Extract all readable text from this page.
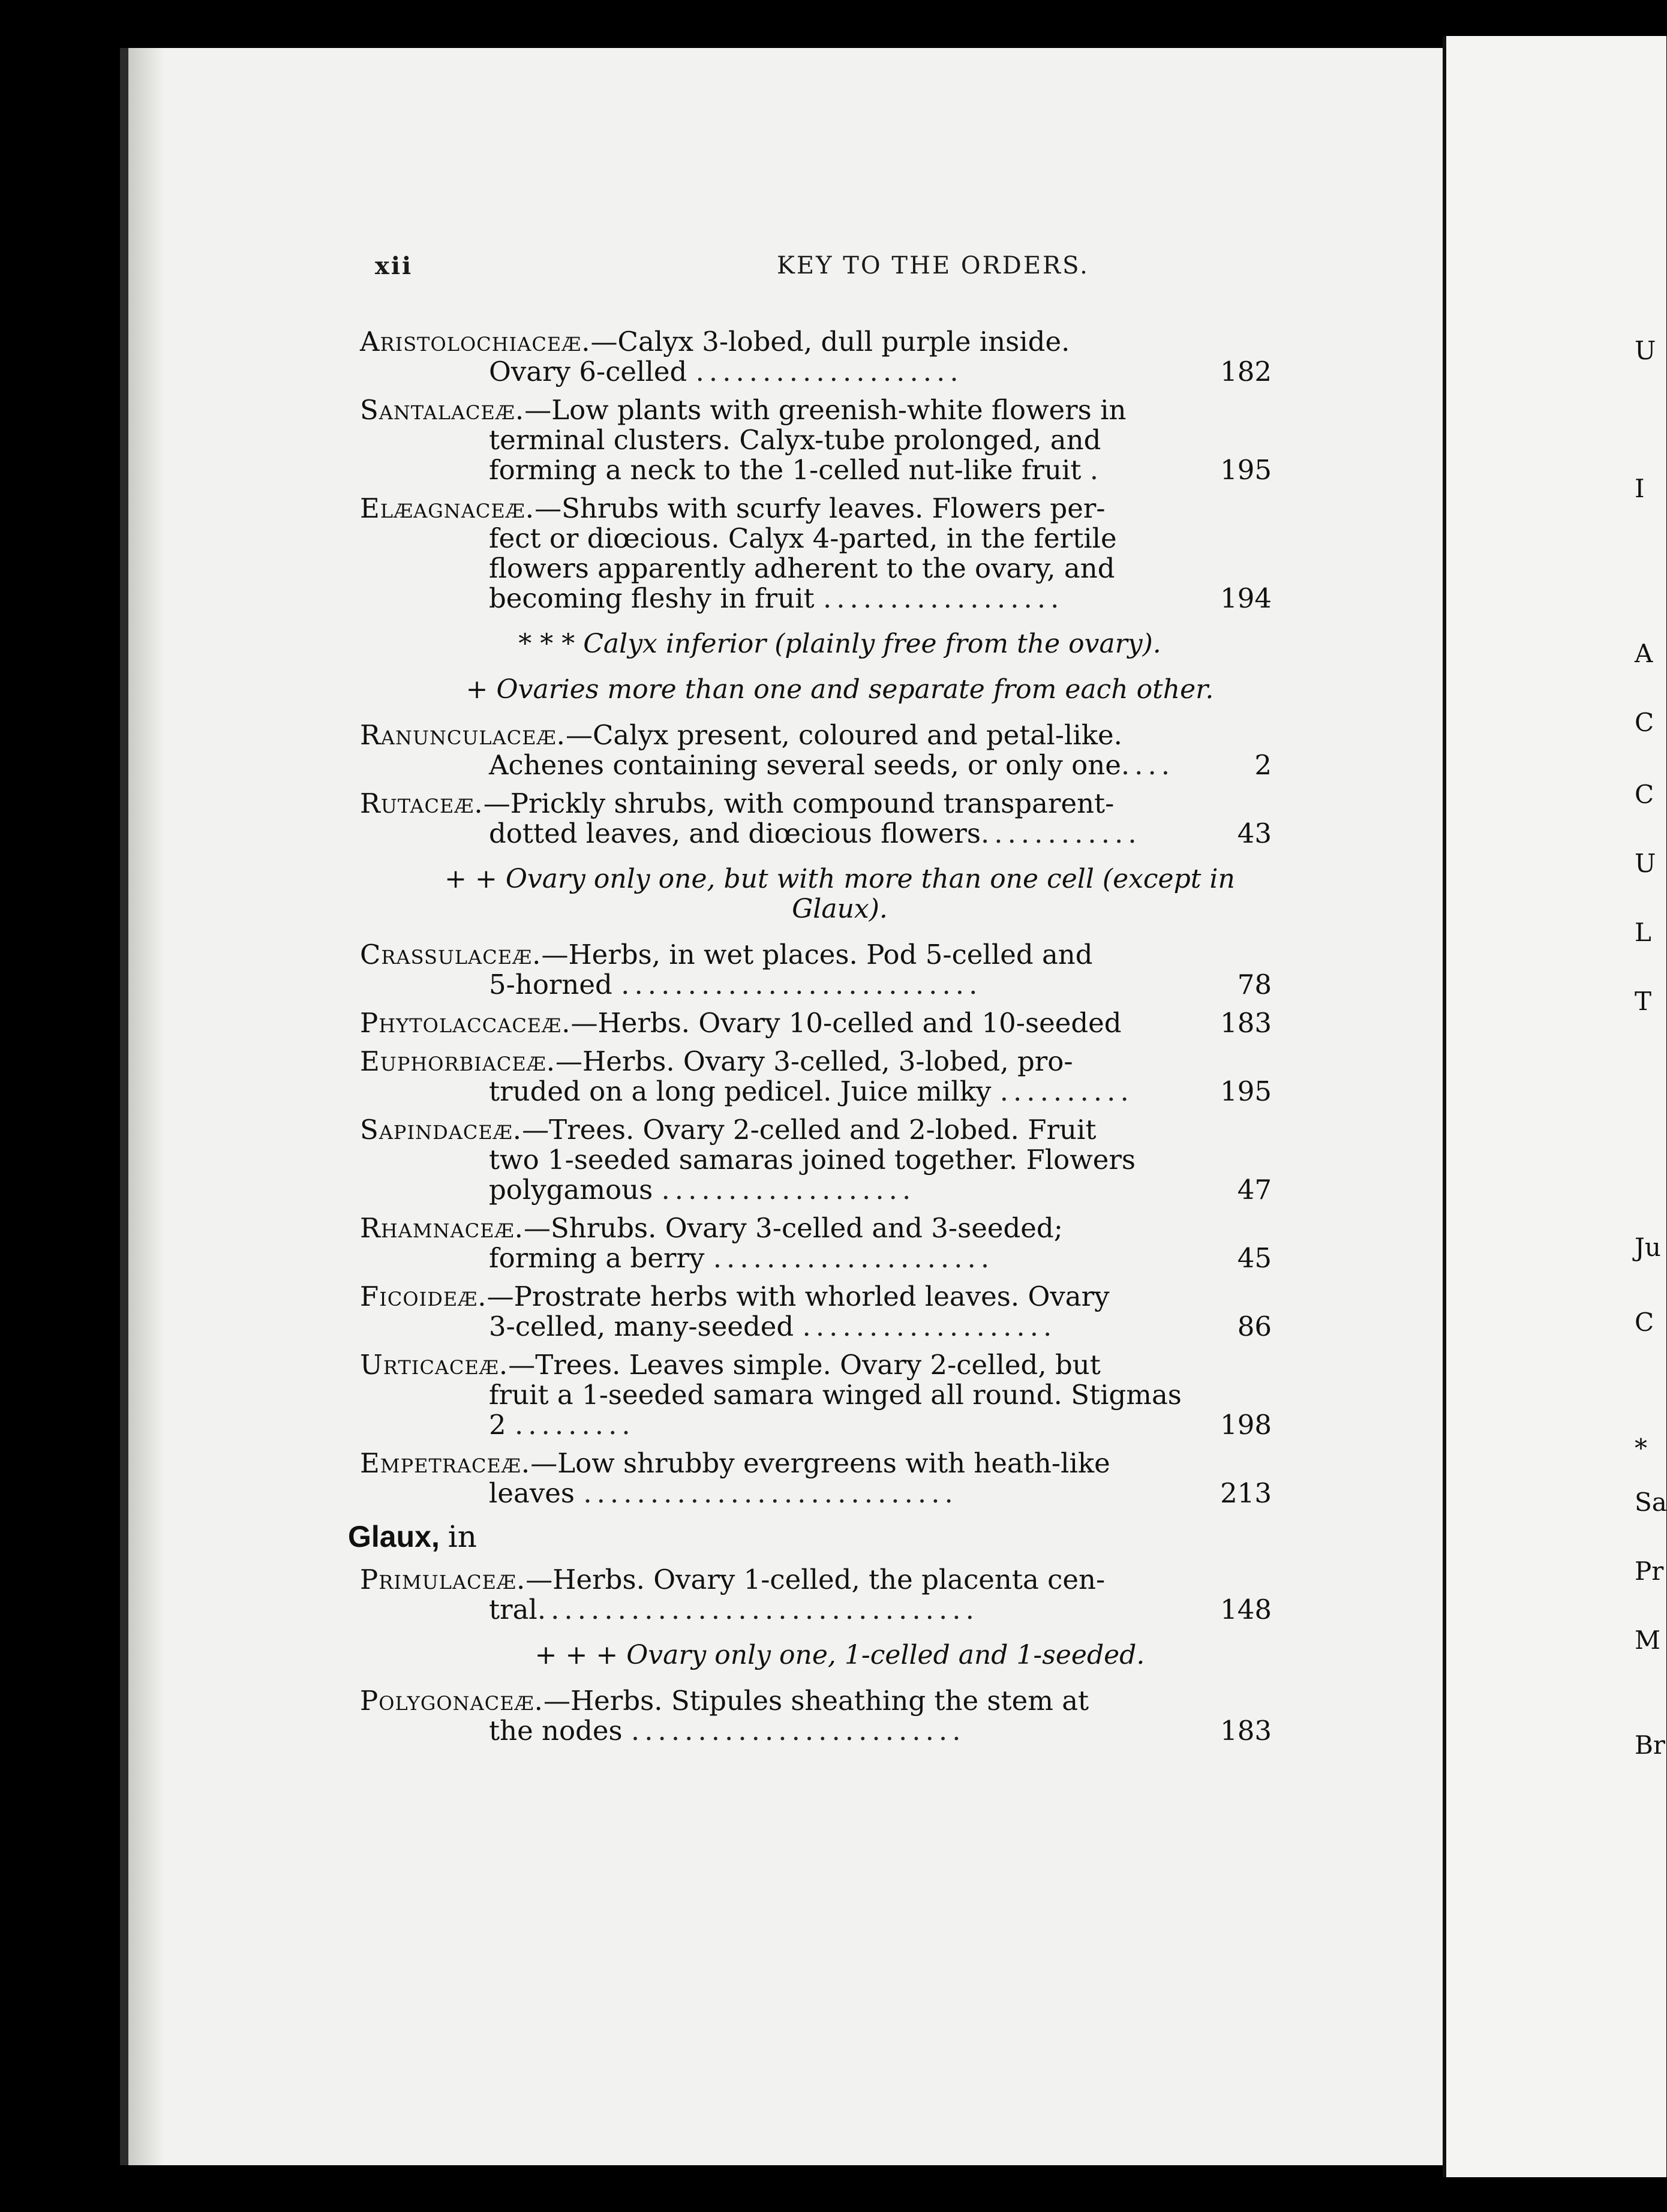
xii	KEY TO THE ORDERS.
Aristolochiaceæ.—Calyx 3-lobed, dull purple inside.
Ovary 6-celled ....................	182
Santalaceæ.—Low plants with greenish-white flowers in
terminal clusters. Calyx-tube prolonged, and forming a neck to the 1-celled nut-like fruit .	195
Elæagnaceæ.—Shrubs with scurfy leaves. Flowers per-
fect or diœcious. Calyx 4-parted, in the fertile flowers apparently adherent to the ovary, and becoming fleshy in fruit ..................	194
* * * Calyx inferior (plainly free from the ovary).
+ Ovaries more than one and separate from each other.
Ranunculaceæ.—Calyx present, coloured and petal-like.
Achenes containing several seeds, or only one....	2
Rutaceæ.—Prickly shrubs, with compound transparent-
dotted leaves, and diœcious flowers............	43
+ + Ovary only one, but with more than one cell (except in Glaux).
Crassulaceæ.—Herbs, in wet places. Pod 5-celled and
5-horned ...........................	78
Phytolaccaceæ.—Herbs. Ovary 10-celled and 10-seeded	183
Euphorbiaceæ.—Herbs. Ovary 3-celled, 3-lobed, pro-
truded on a long pedicel. Juice milky ..........	195
Sapindaceæ.—Trees. Ovary 2-celled and 2-lobed. Fruit
two 1-seeded samaras joined together. Flowers polygamous ...................	47
Rhamnaceæ.—Shrubs. Ovary 3-celled and 3-seeded;
forming a berry .....................	45
Ficoideæ.—Prostrate herbs with whorled leaves. Ovary
3-celled, many-seeded ...................	86
Urticaceæ.—Trees. Leaves simple. Ovary 2-celled, but
fruit a 1-seeded samara winged all round. Stigmas 2 .........	198
Empetraceæ.—Low shrubby evergreens with heath-like
leaves ............................	213
Glaux, in
Primulaceæ.—Herbs. Ovary 1-celled, the placenta cen-
tral.................................	148
+ + + Ovary only one, 1-celled and 1-seeded.
Polygonaceæ.—Herbs. Stipules sheathing the stem at
the nodes .........................	183
U
I
A
C
C
U
L
T
Ju
C
*
Sa
Pr
M
Br
